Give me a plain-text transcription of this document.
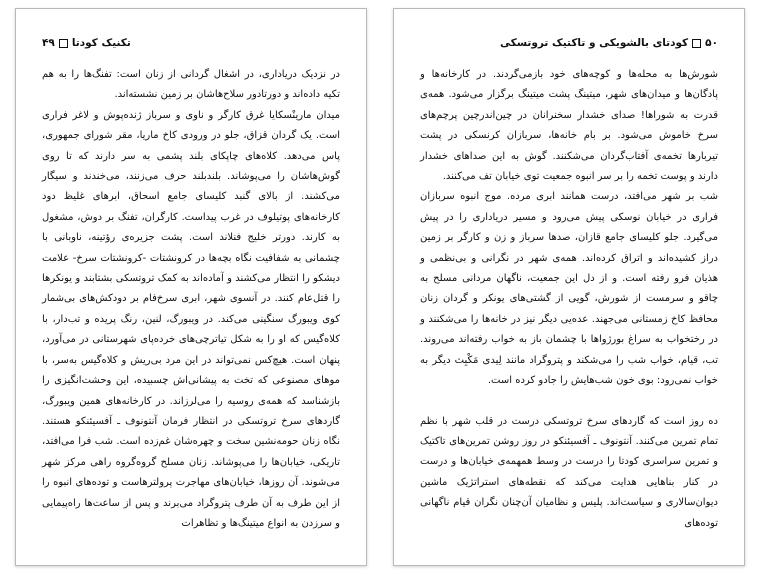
تکنیک کودتا۴۹

در نزدیک دریاداری، در اشغال گردانی از زنان است: تفنگ‌ها را به هم تکیه داده‌اند و دورتادور سلاح‌هاشان بر زمین نشسته‌اند.

میدان مارینْسکایا غرق کارگر و ناوی و سرباز ژنده‌پوش و لاغر فراری است. یک گردان قزاق، جلو در ورودی کاخ ماریا، مقر شورای جمهوری، پاس می‌دهد. کلاه‌های چاپکای بلند پشمی به سر دارند که تا روی گوش‌هاشان را می‌پوشاند. بلندبلند حرف می‌زنند، می‌خندند و سیگار می‌کشند. از بالای گنبد کلیسای جامع اسحاق، ابرهای غلیظ دود کارخانه‌های پوتیلوف در غرب پیداست. کارگران، تفنگ بر دوش، مشغول به کارند. دورتر خلیج فنلاند است. پشت جزیره‌ی رؤتینه، ناوبانی با چشمانی به شفافیت نگاه بچه‌ها در کرونشتات -کرونشتات سرخ- علامت دیشکو را انتظار می‌کشند و آماده‌اند به کمک تروتسکی بشتابند و یونکرها را قتل‌عام کنند. در آنسوی شهر، ابری سرخ‌فام بر دودکش‌های بی‌شمار کوی ویبورگ سنگینی می‌کند. در ویبورگ، لنین، رنگ پریده و تب‌دار، با کلاه‌گیس که او را به شکل تیاترچی‌های خرده‌پای شهرستانی در می‌آورد، پنهان است. هیچ‌کس نمی‌تواند در این مرد بی‌ریش و کلاه‌گیس به‌سر، با موهای مصنوعی که تخت به پیشانی‌اش چسبیده، این وحشت‌انگیزی را بازشناسد که همه‌ی روسیه را می‌لرزاند. در کارخانه‌های همین ویبورگ، گاردهای سرخ تروتسکی در انتظار فرمان آنتونوف ـ آفسیئنکو هستند. نگاه زنان حومه‌نشین سخت و چهره‌شان غم‌زده است. شب فرا می‌افتد، تاریکی، خیابان‌ها را می‌پوشاند. زنان مسلح گروه‌گروه راهی مرکز شهر می‌شوند. آن روزها، خیابان‌های مهاجرت پرولترهاست و توده‌های انبوه را از این طرف به آن طرف پتروگراد می‌برند و پس از ساعت‌ها راه‌پیمایی و سرزدن به انواع میتینگ‌ها و تظاهرات

۵۰کودتای بالشویکی و تاکتیک تروتسکی

شورش‌ها به محله‌ها و کوچه‌های خود بازمی‌گردند. در کارخانه‌ها و پادگان‌ها و میدان‌های شهر، میتینگ پشت میتینگ برگزار می‌شود. همه‌ی قدرت به شوراها! صدای خشدار سخنرانان در چین‌اندرچین پرچم‌های سرخ خاموش می‌شود. بر بام خانه‌ها، سربازان کرنسکی در پشت تیربارها تخمه‌ی آفتاب‌گردان می‌شکنند. گوش به این صداهای خشدار دارند و پوست تخمه را بر سر انبوه جمعیت توی خیابان تف می‌کنند.

شب بر شهر می‌افتد، درست همانند ابری مرده. موج انبوه سربازان فراری در خیابان نوسکی پیش می‌رود و مسیر دریاداری را در پیش می‌گیرد. جلو کلیسای جامع قازان، صدها سرباز و زن و کارگر بر زمین دراز کشیده‌اند و اتراق کرده‌اند. همه‌ی شهر در نگرانی و بی‌نظمی و هذیان فرو رفته است. و از دل این جمعیت، ناگهان مردانی مسلح به چاقو و سرمست از شورش، گویی از گشتی‌های یونکر و گردان زنان محافظ کاخ زمستانی می‌جهند. عده‌یی دیگر نیز در خانه‌ها را می‌شکنند و در رختخواب به سراغ بورژواها با چشمان باز به خواب رفته‌اند می‌روند. تب، قیام، خواب شب را می‌شکند و پتروگراد مانند لِیدی مَکْبِث دیگر به خواب نمی‌رود: بوی خون شب‌هایش را جادو کرده است.

ده روز است که گاردهای سرخ تروتسکی درست در قلب شهر با نظم تمام تمرین می‌کنند. آنتونوف ـ آفسیئنکو در روز روشن تمرین‌های تاکتیک و تمرین سراسری کودتا را درست در وسط همهمه‌ی خیابان‌ها و درست در کنار بناهایی هدایت می‌کند که نقطه‌های استراتژیک ماشین دیوان‌سالاری و سیاست‌اند. پلیس و نظامیان آن‌چنان نگران قیام ناگهانی توده‌های
